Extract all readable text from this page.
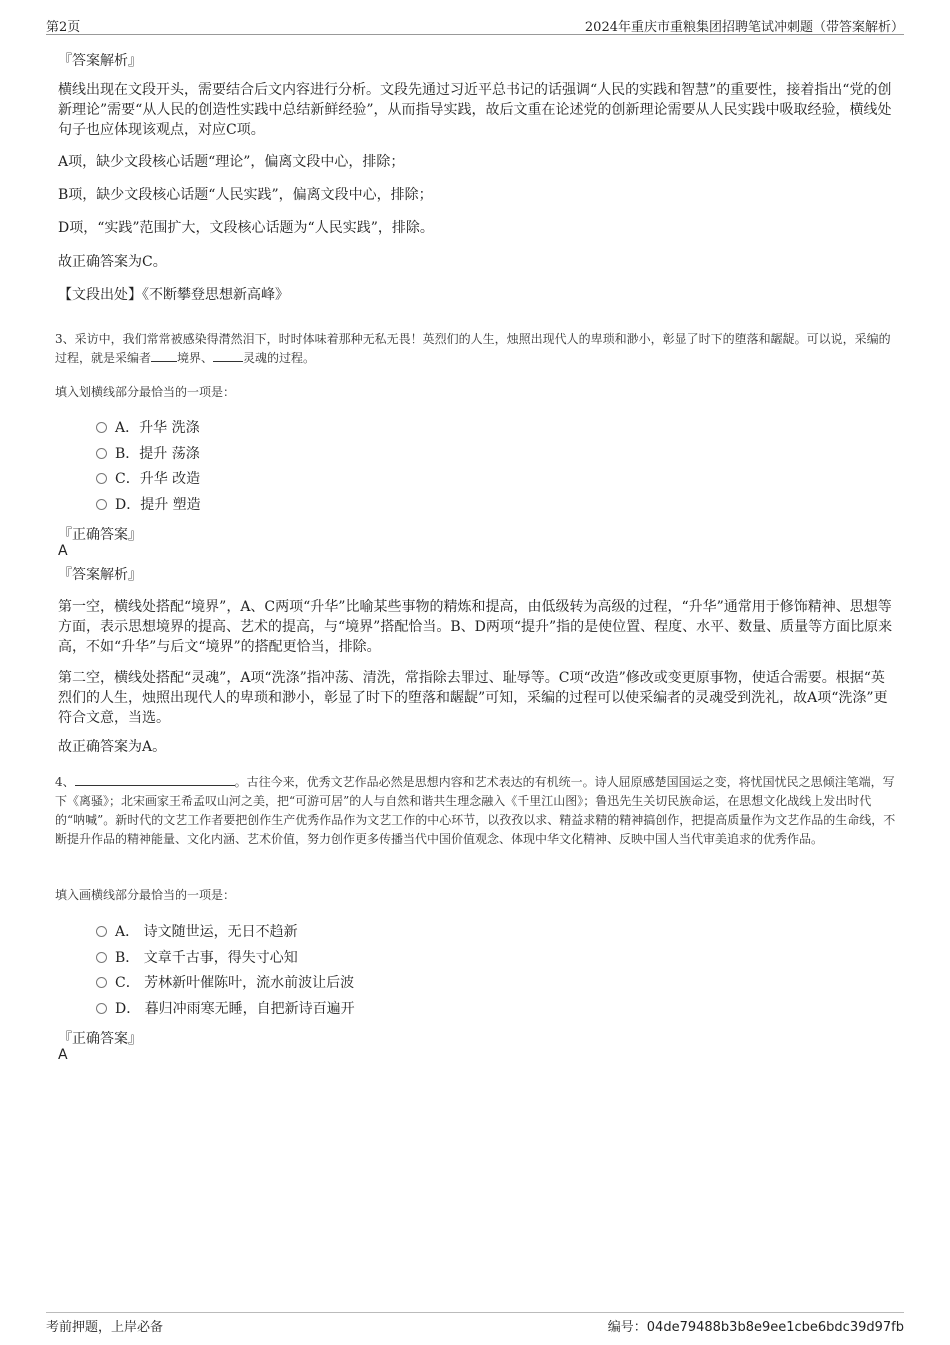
第2页	2024年重庆市重粮集团招聘笔试冲刺题（带答案解析）
『答案解析』
横线出现在文段开头，需要结合后文内容进行分析。文段先通过习近平总书记的话强调“人民的实践和智慧”的重要性，接着指出“党的创新理论”需要“从人民的创造性实践中总结新鲜经验”，从而指导实践，故后文重在论述党的创新理论需要从人民实践中吸取经验，横线处句子也应体现该观点，对应C项。
A项，缺少文段核心话题“理论”，偏离文段中心，排除；
B项，缺少文段核心话题“人民实践”，偏离文段中心，排除；
D项，“实践”范围扩大，文段核心话题为“人民实践”，排除。
故正确答案为C。
【文段出处】《不断攀登思想新高峰》
3、采访中，我们常常被感染得潸然泪下，时时体味着那种无私无畏！英烈们的人生，烛照出现代人的卑琐和渺小，彰显了时下的堕落和龌龊。可以说，采编的过程，就是采编者 境界、	灵魂的过程。
填入划横线部分最恰当的一项是：
A．升华 洗涤
B．提升 荡涤
C．升华 改造
D．提升 塑造
『正确答案』
A
『答案解析』
第一空，横线处搭配“境界”，A、C两项“升华”比喻某些事物的精炼和提高，由低级转为高级的过程，“升华”通常用于修饰精神、思想等方面，表示思想境界的提高、艺术的提高，与“境界”搭配恰当。B、D两项“提升”指的是使位置、程度、水平、数量、质量等方面比原来高，不如“升华”与后文“境界”的搭配更恰当，排除。
第二空，横线处搭配“灵魂”，A项“洗涤”指冲荡、清洗，常指除去罪过、耻辱等。C项“改造”修改或变更原事物，使适合需要。根据“英烈们的人生，烛照出现代人的卑琐和渺小，彰显了时下的堕落和龌龊”可知，采编的过程可以使采编者的灵魂受到洗礼，故A项“洗涤”更符合文意，当选。
故正确答案为A。
4、	。古往今来，优秀文艺作品必然是思想内容和艺术表达的有机统一。诗人屈原感楚国国运之变，将忧国忧民之思倾注笔端，写下《离骚》；北宋画家王希孟叹山河之美，把“可游可居”的人与自然和谐共生理念融入《千里江山图》；鲁迅先生关切民族命运，在思想文化战线上发出时代的“呐喊”。新时代的文艺工作者要把创作生产优秀作品作为文艺工作的中心环节，以孜孜以求、精益求精的精神搞创作，把提高质量作为文艺作品的生命线，不断提升作品的精神能量、文化内涵、艺术价值，努力创作更多传播当代中国价值观念、体现中华文化精神、反映中国人当代审美追求的优秀作品。
填入画横线部分最恰当的一项是：
A． 诗文随世运，无日不趋新
B． 文章千古事，得失寸心知
C． 芳林新叶催陈叶，流水前波让后波
D． 暮归冲雨寒无睡，自把新诗百遍开
『正确答案』
A
考前押题，上岸必备	编号：04de79488b3b8e9ee1cbe6bdc39d97fb
